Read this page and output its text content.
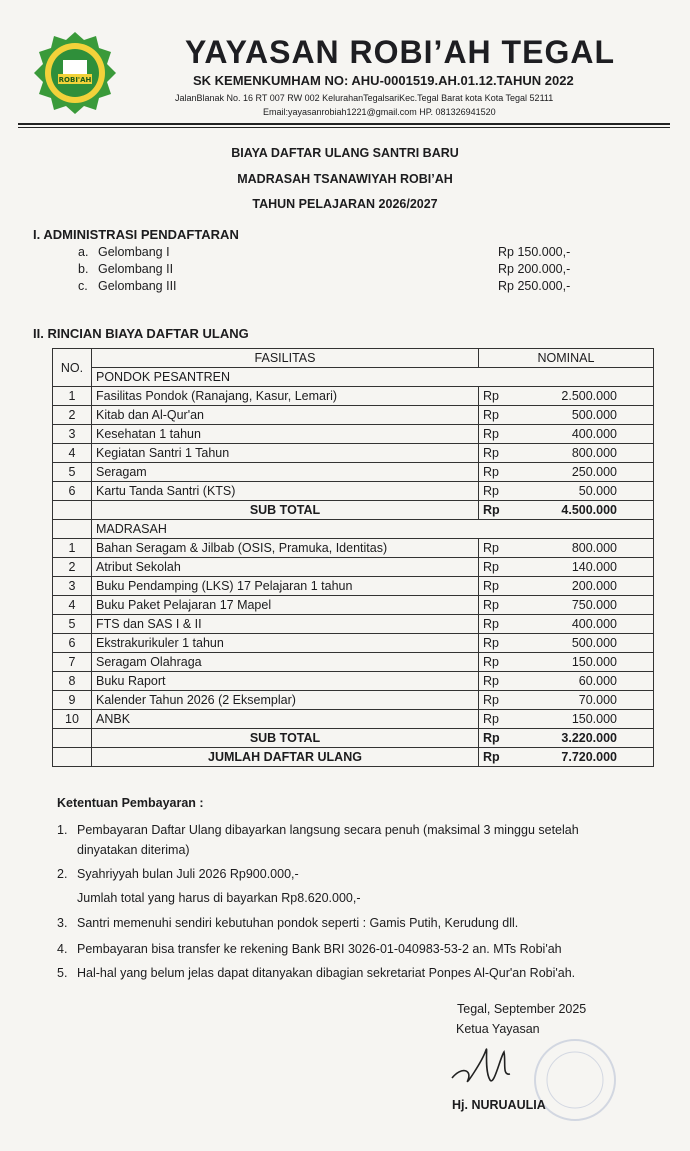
ROBI'AH
YAYASAN ROBI’AH TEGAL
SK KEMENKUMHAM NO: AHU-0001519.AH.01.12.TAHUN 2022
JalanBlanak No. 16 RT 007 RW 002 KelurahanTegalsariKec.Tegal Barat kota Kota Tegal 52111
Email:yayasanrobiah1221@gmail.com HP. 081326941520
BIAYA DAFTAR ULANG SANTRI BARU
MADRASAH TSANAWIYAH ROBI’AH
TAHUN PELAJARAN 2026/2027
I. ADMINISTRASI PENDAFTARAN
a. Gelombang I	Rp 150.000,-
b. Gelombang II	Rp 200.000,-
c. Gelombang III	Rp 250.000,-
II. RINCIAN BIAYA DAFTAR ULANG
NO.	FASILITAS	NOMINAL	
	PONDOK PESANTREN		
1	Fasilitas Pondok (Ranajang, Kasur, Lemari)	Rp	2.500.000
2	Kitab dan Al-Qur'an	Rp	500.000
3	Kesehatan 1 tahun	Rp	400.000
4	Kegiatan Santri 1 Tahun	Rp	800.000
5	Seragam	Rp	250.000
6	Kartu Tanda Santri (KTS)	Rp	50.000
	SUB TOTAL	Rp	4.500.000
	MADRASAH		
1	Bahan Seragam & Jilbab (OSIS, Pramuka, Identitas)	Rp	800.000
2	Atribut Sekolah	Rp	140.000
3	Buku Pendamping (LKS) 17 Pelajaran 1 tahun	Rp	200.000
4	Buku Paket Pelajaran 17 Mapel	Rp	750.000
5	FTS dan SAS I & II	Rp	400.000
6	Ekstrakurikuler 1 tahun	Rp	500.000
7	Seragam Olahraga	Rp	150.000
8	Buku Raport	Rp	60.000
9	Kalender Tahun 2026 (2 Eksemplar)	Rp	70.000
10	ANBK	Rp	150.000
	SUB TOTAL	Rp	3.220.000
	JUMLAH DAFTAR ULANG	Rp	7.720.000
Ketentuan Pembayaran :
1. Pembayaran Daftar Ulang dibayarkan langsung secara penuh (maksimal 3 minggu setelah
dinyatakan diterima)
2. Syahriyyah bulan Juli 2026 Rp900.000,-
Jumlah total yang harus di bayarkan Rp8.620.000,-
3. Santri memenuhi sendiri kebutuhan pondok seperti : Gamis Putih, Kerudung dll.
4. Pembayaran bisa transfer ke rekening Bank BRI 3026-01-040983-53-2 an. MTs Robi'ah
5. Hal-hal yang belum jelas dapat ditanyakan dibagian sekretariat Ponpes Al-Qur'an Robi'ah.
Tegal, September 2025
Ketua Yayasan
Hj. NURUAULIA
